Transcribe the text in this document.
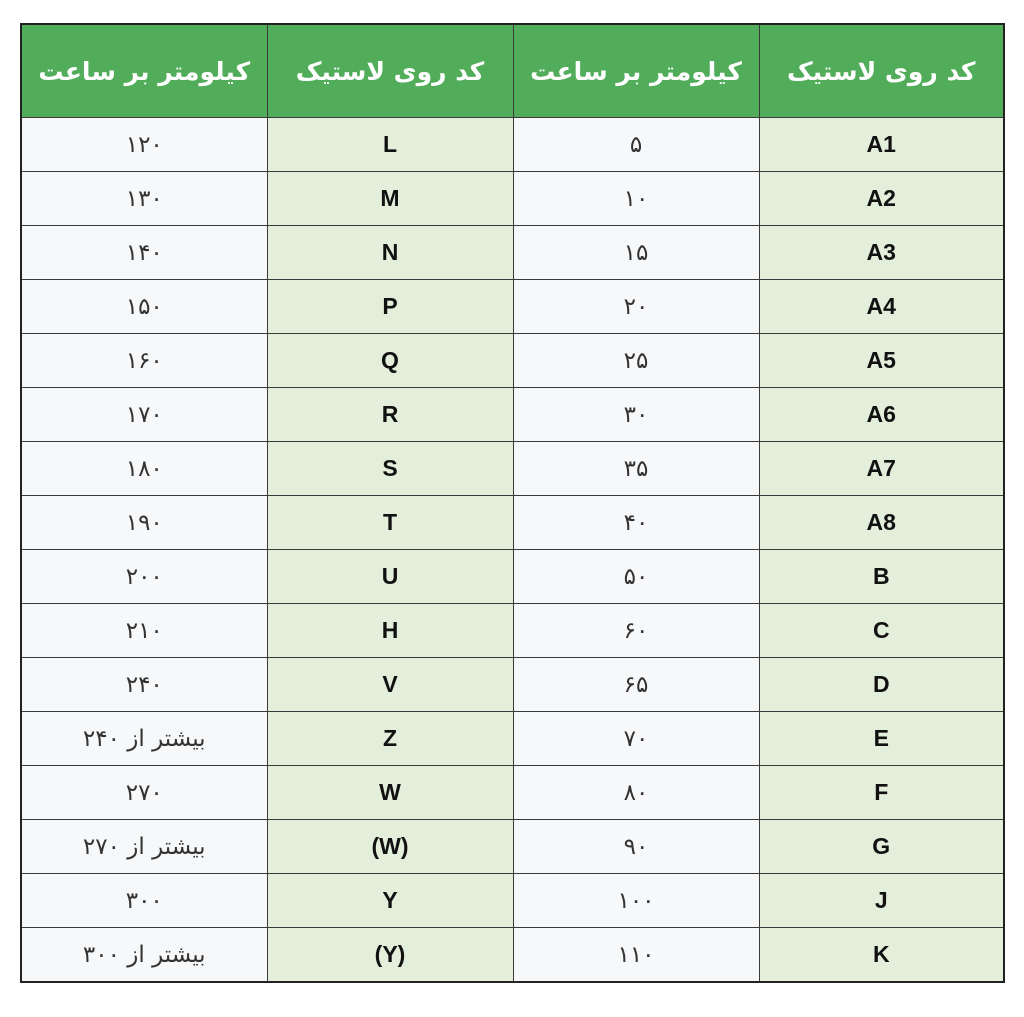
کد روی لاستیک	کیلومتر بر ساعت	کد روی لاستیک	کیلومتر بر ساعت
A1	۵	L	۱۲۰
A2	۱۰	M	۱۳۰
A3	۱۵	N	۱۴۰
A4	۲۰	P	۱۵۰
A5	۲۵	Q	۱۶۰
A6	۳۰	R	۱۷۰
A7	۳۵	S	۱۸۰
A8	۴۰	T	۱۹۰
B	۵۰	U	۲۰۰
C	۶۰	H	۲۱۰
D	۶۵	V	۲۴۰
E	۷۰	Z	بیشتر از ۲۴۰
F	۸۰	W	۲۷۰
G	۹۰	(W)	بیشتر از ۲۷۰
J	۱۰۰	Y	۳۰۰
K	۱۱۰	(Y)	بیشتر از ۳۰۰
